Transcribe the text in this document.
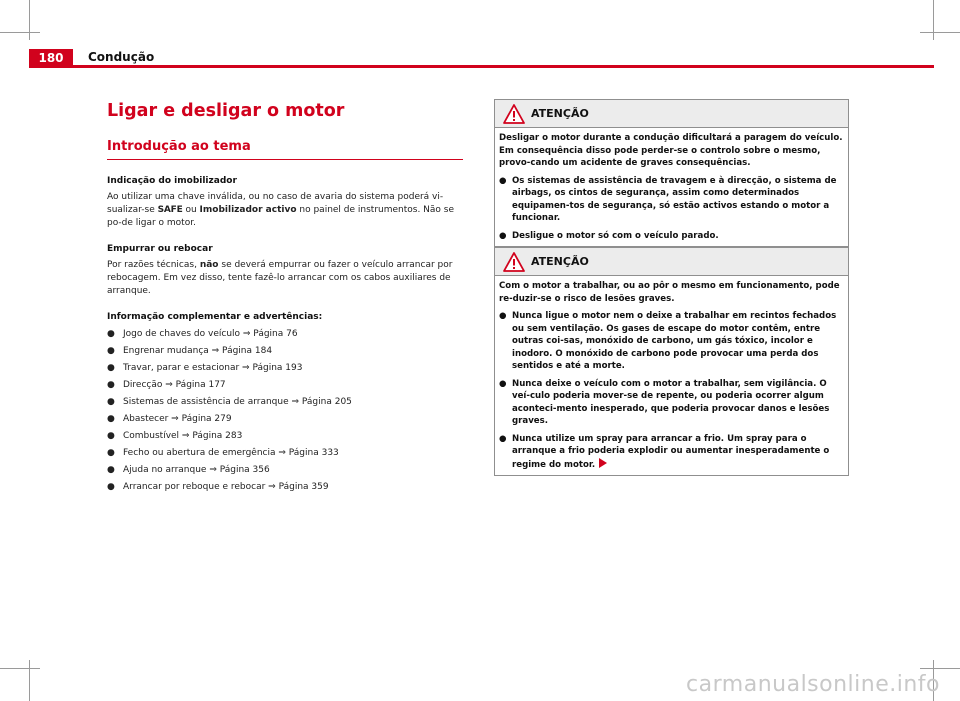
180	Condução
Ligar e desligar o motor
Introdução ao tema
Indicação do imobilizador

Ao utilizar uma chave inválida, ou no caso de avaria do sistema poderá vi-sualizar-se SAFE ou Imobilizador activo no painel de instrumentos. Não se po-de ligar o motor.

Empurrar ou rebocar

Por razões técnicas, não se deverá empurrar ou fazer o veículo arrancar por rebocagem. Em vez disso, tente fazê-lo arrancar com os cabos auxiliares de arranque.

Informação complementar e advertências:
● Jogo de chaves do veículo ⇒ Página 76
● Engrenar mudança ⇒ Página 184
● Travar, parar e estacionar ⇒ Página 193
● Direcção ⇒ Página 177
● Sistemas de assistência de arranque ⇒ Página 205
● Abastecer ⇒ Página 279
● Combustível ⇒ Página 283
● Fecho ou abertura de emergência ⇒ Página 333
● Ajuda no arranque ⇒ Página 356
● Arrancar por reboque e rebocar ⇒ Página 359
ATENÇÃO

Desligar o motor durante a condução dificultará a paragem do veículo. Em consequência disso pode perder-se o controlo sobre o mesmo, provo-cando um acidente de graves consequências.

● Os sistemas de assistência de travagem e à direcção, o sistema de airbags, os cintos de segurança, assim como determinados equipamen-tos de segurança, só estão activos estando o motor a funcionar.
● Desligue o motor só com o veículo parado.
ATENÇÃO

Com o motor a trabalhar, ou ao pôr o mesmo em funcionamento, pode re-duzir-se o risco de lesões graves.

● Nunca ligue o motor nem o deixe a trabalhar em recintos fechados ou sem ventilação. Os gases de escape do motor contêm, entre outras coi-sas, monóxido de carbono, um gás tóxico, incolor e inodoro. O monóxido de carbono pode provocar uma perda dos sentidos e até a morte.
● Nunca deixe o veículo com o motor a trabalhar, sem vigilância. O veí-culo poderia mover-se de repente, ou poderia ocorrer algum aconteci-mento inesperado, que poderia provocar danos e lesões graves.
● Nunca utilize um spray para arrancar a frio. Um spray para o arranque a frio poderia explodir ou aumentar inesperadamente o regime do motor.
carmanualsonline.info
